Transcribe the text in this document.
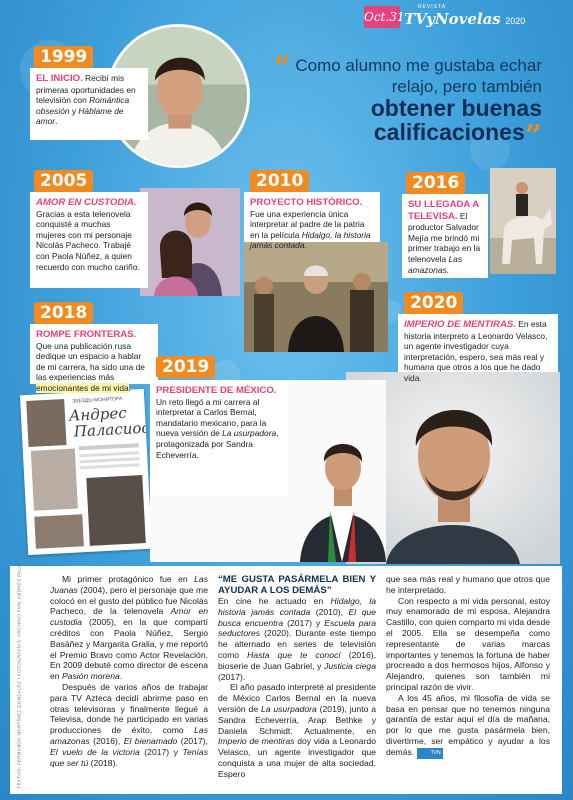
Oct.31
REVISTA
TVyNovelas 2020
1999
EL INICIO. Recibí mis primeras oportunidades en televisión con Romántica obsesión y Háblame de amor.
“ Como alumno me gustaba echar relajo, pero también
obtener buenas calificaciones”
2005
AMOR EN CUSTODIA. Gracias a esta telenovela conquisté a muchas mujeres con mi personaje Nicolás Pacheco. Trabajé con Paola Núñez, a quien recuerdo con mucho cariño.
2010
PROYECTO HISTÓRICO. Fue una experiencia única interpretar al padre de la patria en la película Hidalgo, la historia jamás contada.
2016
SU LLEGADA A TELEVISA. El productor Salvador Mejía me brindó mi primer trabajo en la telenovela Las amazonas.
2020
IMPERIO DE MENTIRAS. En esta historia interpreto a Leonardo Velasco, un agente investigador cuya interpretación, espero, sea más real y humana que otros a los que he dado vida.
2018
ROMPE FRONTERAS. Que una publicación rusa dedique un espacio a hablar de mi carrera, ha sido una de las experiencias más emocionantes de mi vida.
ЗВЕЗДЫ МОНИТОРА
Андрес
Паласиос
2019
PRESIDENTE DE MÉXICO. Un reto llegó a mi carrera al interpretar a Carlos Bernal, mandatario mexicano, para la nueva versión de La usurpadora, protagonizada por Sandra Echeverría.

Mi primer protagónico fue en Las Juanas (2004), pero el personaje que me colocó en el gusto del público fue Nicolás Pacheco, de la telenovela Amor en custodia (2005), en la que compartí créditos con Paola Núñez, Sergio Basáñez y Margarita Gralia, y me reportó el Premio Bravo como Actor Revelación. En 2009 debuté como director de escena en Pasión morena.

Después de varios años de trabajar para TV Azteca decidí abrirme paso en otras televisoras y finalmente llegué a Televisa, donde he participado en varias producciones de éxito, como Las amazonas (2016), El bienamado (2017), El vuelo de la victoria (2017) y Tenías que ser tú (2018).

“ME GUSTA PASÁRMELA BIEN Y AYUDAR A LOS DEMÁS”

En cine he actuado en Hidalgo, la historia jamás contada (2010), El que busca encuentra (2017) y Escuela para seductores (2020). Durante este tiempo he alternado en series de televisión como Hasta que te conocí (2016), bioserie de Juan Gabriel, y Justicia ciega (2017).

El año pasado interpreté al presidente de México Carlos Bernal en la nueva versión de La usurpadora (2019), junto a Sandra Echeverría, Arap Bethke y Daniela Schmidt. Actualmente, en Imperio de mentiras doy vida a Leonardo Velasco, un agente investigador que conquista a una mujer de alta sociedad. Espero

que sea más real y humano que otros que he interpretado.

Con respecto a mi vida personal, estoy muy enamorado de mi esposa, Alejandra Castillo, con quien comparto mi vida desde el 2005. Ella se desempeña como representante de varias marcas importantes y tenemos la fortuna de haber procreado a dos hermosos hijos, Alfonso y Alejandro, quienes son también mi principal razón de vivir.

A los 45 años, mi filosofía de vida se basa en pensar que no tenemos ninguna garantía de estar aquí el día de mañana, por lo que me gusta pasármela bien, divertirme, ser empático y ayudar a los demás.	TVN

TEXTOS: FERNANDO MARTÍNEZ GONZÁLEZ • FOTOGRAFÍAS: ARCHIVO TVN; ANDRÉS PALACIOS
